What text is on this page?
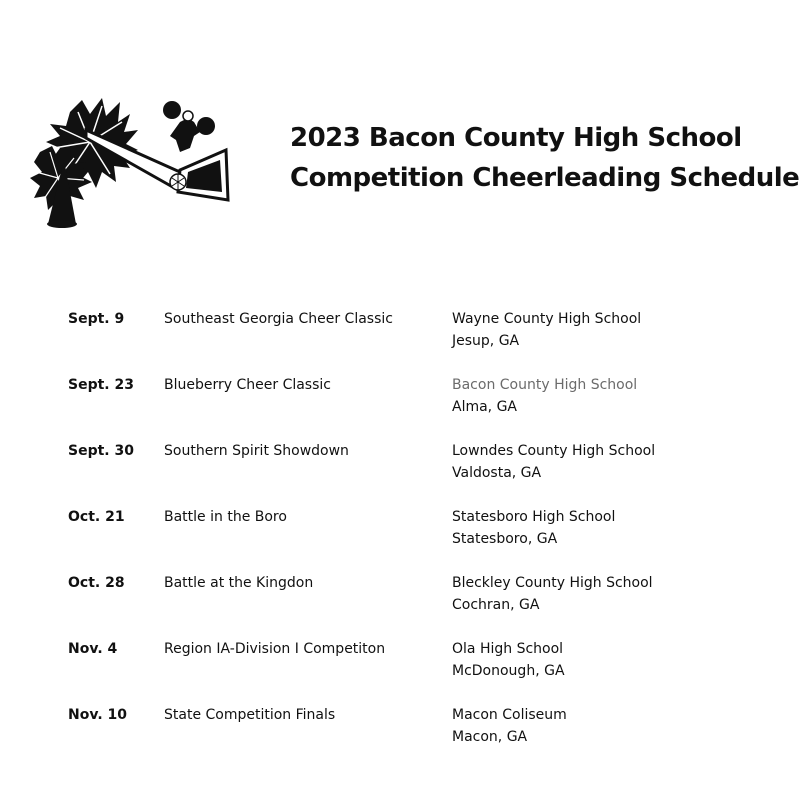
2023 Bacon County High School
Competition Cheerleading Schedule
Sept. 9	Southeast Georgia Cheer Classic	Wayne County High School
Jesup, GA
Sept. 23	Blueberry Cheer Classic	Bacon County High School
Alma, GA
Sept. 30	Southern Spirit Showdown	Lowndes County High School
Valdosta, GA
Oct. 21	Battle in the Boro	Statesboro High School
Statesboro, GA
Oct. 28	Battle at the Kingdon	Bleckley County High School
Cochran, GA
Nov. 4	Region IA-Division I Competiton	Ola High School
McDonough, GA
Nov. 10	State Competition Finals	Macon Coliseum
Macon, GA
